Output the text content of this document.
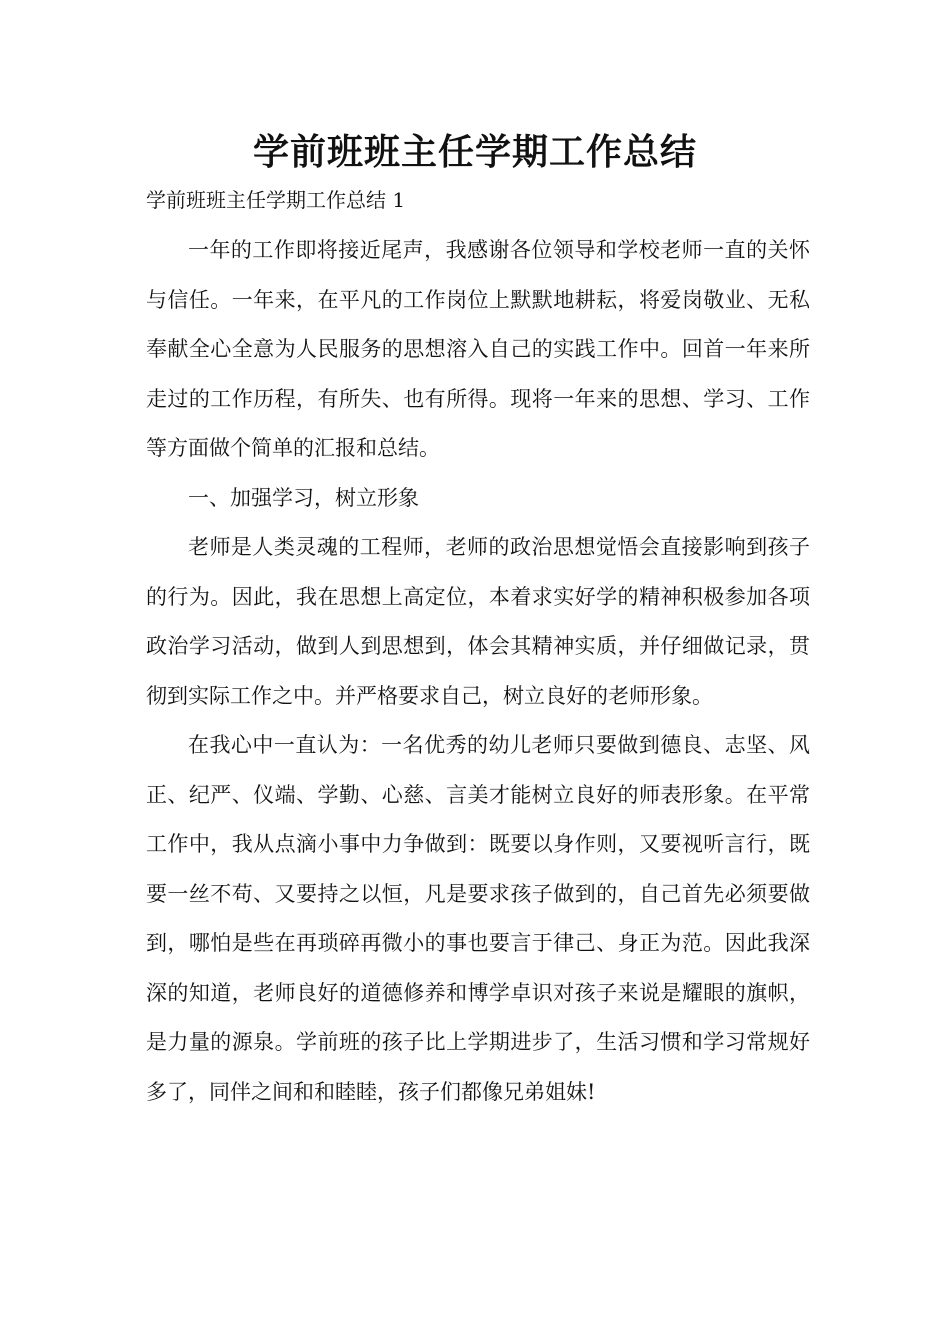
学前班班主任学期工作总结
学前班班主任学期工作总结 1

一年的工作即将接近尾声，我感谢各位领导和学校老师一直的关怀与信任。一年来，在平凡的工作岗位上默默地耕耘，将爱岗敬业、无私奉献全心全意为人民服务的思想溶入自己的实践工作中。回首一年来所走过的工作历程，有所失、也有所得。现将一年来的思想、学习、工作等方面做个简单的汇报和总结。

一、加强学习，树立形象

老师是人类灵魂的工程师，老师的政治思想觉悟会直接影响到孩子的行为。因此，我在思想上高定位，本着求实好学的精神积极参加各项政治学习活动，做到人到思想到，体会其精神实质，并仔细做记录，贯彻到实际工作之中。并严格要求自己，树立良好的老师形象。

在我心中一直认为：一名优秀的幼儿老师只要做到德良、志坚、风正、纪严、仪端、学勤、心慈、言美才能树立良好的师表形象。在平常工作中，我从点滴小事中力争做到：既要以身作则，又要视听言行，既要一丝不苟、又要持之以恒，凡是要求孩子做到的，自己首先必须要做到，哪怕是些在再琐碎再微小的事也要言于律己、身正为范。因此我深深的知道，老师良好的道德修养和博学卓识对孩子来说是耀眼的旗帜，是力量的源泉。学前班的孩子比上学期进步了，生活习惯和学习常规好多了，同伴之间和和睦睦，孩子们都像兄弟姐妹!
